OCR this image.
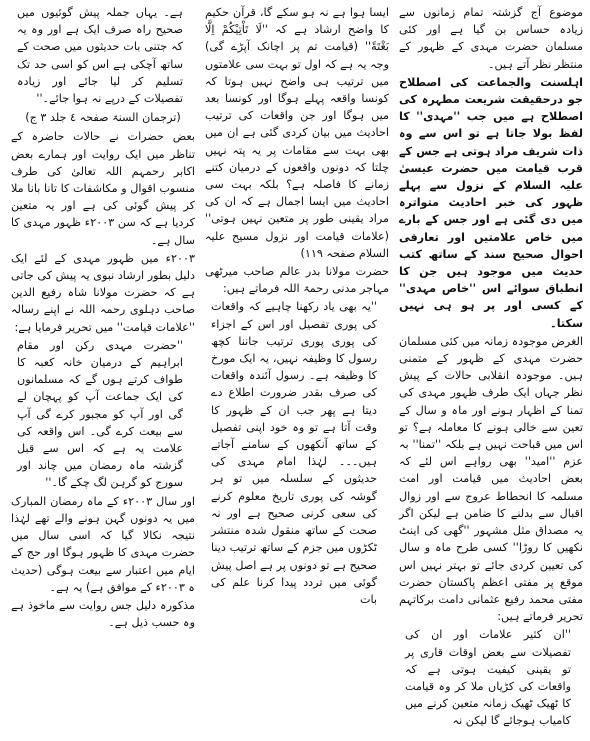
موضوع آج گزشتہ تمام زمانوں سے زیادہ حساس بن گیا ہے اور کئی مسلمان حضرت مہدی کے ظہور کے منتظر نظر آتے ہیں۔
اہلسنت والجماعت کی اصطلاح جو درحقیقت شریعت مطہرہ کی اصطلاح ہے میں جب ''مہدی'' کا لفظ بولا جاتا ہے تو اس سے وہ ذات شریف مراد ہوتی ہے جس کے قرب قیامت میں حضرت عیسیٰ علیہ السلام کے نزول سے پہلے ظہور کی خبر احادیث متواترہ میں دی گئی ہے اور جس کے بارے میں خاص علامتیں اور تعارفی احوال صحیح سند کے ساتھ کتب حدیث میں موجود ہیں جن کا انطباق سوائے اس ''خاص مہدی'' کے کسی اور پر ہو ہی نہیں سکتا۔
الغرض موجودہ زمانہ میں کئی مسلمان حضرت مہدی کے ظہور کے متمنی ہیں۔ موجودہ انقلابی حالات کے پیش نظر جہاں ایک طرف ظہور مہدی کی تمنا کے اظہار ہونے اور ماہ و سال کے تعین سے خالی ہونے کا معاملہ ہے؟ تو اس میں قباحت نہیں ہے بلکہ ''تمنا'' بہ عزم ''امید'' بھی رواہے اس لئے کہ بعض احادیث میں قیامت اور امت مسلمہ کا انحطاط عروج سے اور زوال اقبال سے بدلنے کا ضامن ہے لیکن اگر یہ مصداق مثل مشہور ''گھی کی اینٹ نکھیں کا روڑا'' کسی طرح ماہ و سال کی تعیین کردی جائے تو بہتر نہیں اس موقع پر مفتی اعظم پاکستان حضرت مفتی محمد رفیع عثمانی دامت برکاتہم تحریر فرماتے ہیں:
''ان کثیر علامات اور ان کی تفصیلات سے بعض اوقات قاری پر تو یقینی کیفیت ہوتی ہے کہ واقعات کی کڑیاں ملا کر وہ قیامت کا ٹھیک ٹھیک زمانہ متعین کرنے میں کامیاب ہوجائے گا لیکن نہ
ایسا ہوا ہے نہ ہو سکے گا، قرآن حکیم کا واضح ارشاد ہے کہ ''لَا تَاْتِیْكُمْ اِلَّا بَغْتَةً'' (قیامت تم پر اچانک آپڑے گی) وجہ یہ ہے کہ اول تو بہت سی علامتوں میں ترتیب ہی واضح نہیں ہوتا کہ کونسا واقعہ پہلے ہوگا اور کونسا بعد میں ہوگا اور جن واقعات کی ترتیب احادیث میں بیان کردی گئی ہے ان میں بھی بہت سے مقامات پر یہ پتہ نہیں چلتا کہ دونوں واقعوں کے درمیان کتنے زمانے کا فاصلہ ہے؟ بلکہ بہت سی احادیث میں ایسا اجمال ہے کہ ان کی مراد یقینی طور پر متعین نہیں ہوتی'' (علامات قیامت اور نزول مسیح علیہ السلام صفحہ ١١٩)
حضرت مولانا بدر عالم صاحب میرٹھی مہاجر مدنی رحمۃ اللہ فرماتے ہیں:
''یہ بھی یاد رکھنا چاہیے کہ واقعات کی پوری تفصیل اور اس کے اجزاء کی پوری پوری ترتیب جاننا کچھ رسول کا وظیفہ نہیں، یہ ایک مورخ کا وظیفہ ہے۔ رسول آئندہ واقعات کی صرف بقدر ضرورت اطلاع دے دیتا ہے پھر جب ان کے ظہور کا وقت آتا ہے تو وہ خود اپنی تفصیل کے ساتھ آنکھوں کے سامنے آجاتے ہیں۔۔۔ لہٰذا امام مہدی کی حدیثوں کے سلسلہ میں تو ہر گوشہ کی پوری تاریخ معلوم کرنے کی سعی کرنی صحیح ہے اور نہ صحت کے ساتھ منقول شدہ منتشر ٹکڑوں میں جزم کے ساتھ ترتیب دینا صحیح ہے تو دونوں پر ہے اصل پیش گوئی میں تردد پیدا کرنا علم کی بات
ہے۔ یہاں جملہ پیش گوئیوں میں صحیح راہ صرف ایک ہے اور وہ یہ کہ جتنی بات حدیثوں میں صحت کے ساتھ آچکی ہے اس کو اسی حد تک تسلیم کر لیا جائے اور زیادہ تفصیلات کے درپے نہ ہوا جائے۔''
(ترجمان السنۃ صفحہ ٤ جلد ٣ ج)
بعض حضرات نے حالات حاضرہ کے تناظر میں ایک روایت اور ہمارے بعض اکابر رحمہم اللہ تعالیٰ کی طرف منسوب اقوال و مکاشفات کا تانا بانا ملا کر پیش گوئی کی ہے اور یہ متعین کردیا ہے کہ سن ٢٠٠٣ء ظہور مہدی کا سال ہے۔
٢٠٠٣ء میں ظہور مہدی کے لئے ایک دلیل بطور ارشاد نبوی یہ پیش کی جاتی ہے کہ حضرت مولانا شاہ رفیع الدین صاحب دہلوی رحمہ اللہ نے اپنے رسالہ ''علامات قیامت'' میں تحریر فرمایا ہے:
''حضرت مہدی رکن اور مقام ابراہیم کے درمیان خانہ کعبہ کا طواف کرتے ہوں گے کہ مسلمانوں کی ایک جماعت آپ کو پہچان لے گی اور آپ کو مجبور کرے گی آپ سے بیعت کرے گی۔ اس واقعہ کی علامت یہ ہے کہ اس سے قبل گزشتہ ماہ رمضان میں چاند اور سورج کو گرہن لگ چکے گا۔''
اور سال ٢٠٠٣ء کے ماہ رمضان المبارک میں یہ دونوں گہن ہونے والے تھے لہٰذا نتیجہ نکالا گیا کہ اسی سال میں حضرت مہدی کا ظہور ہوگا اور حج کے ایام میں اعتبار سے بیعت ہوگی (حدیث ہ ٢٠٠٣ء کے موافق ہے) یہ ہے۔
مذکورہ دلیل جس روایت سے ماخوذ ہے وہ حسب ذیل ہے۔
